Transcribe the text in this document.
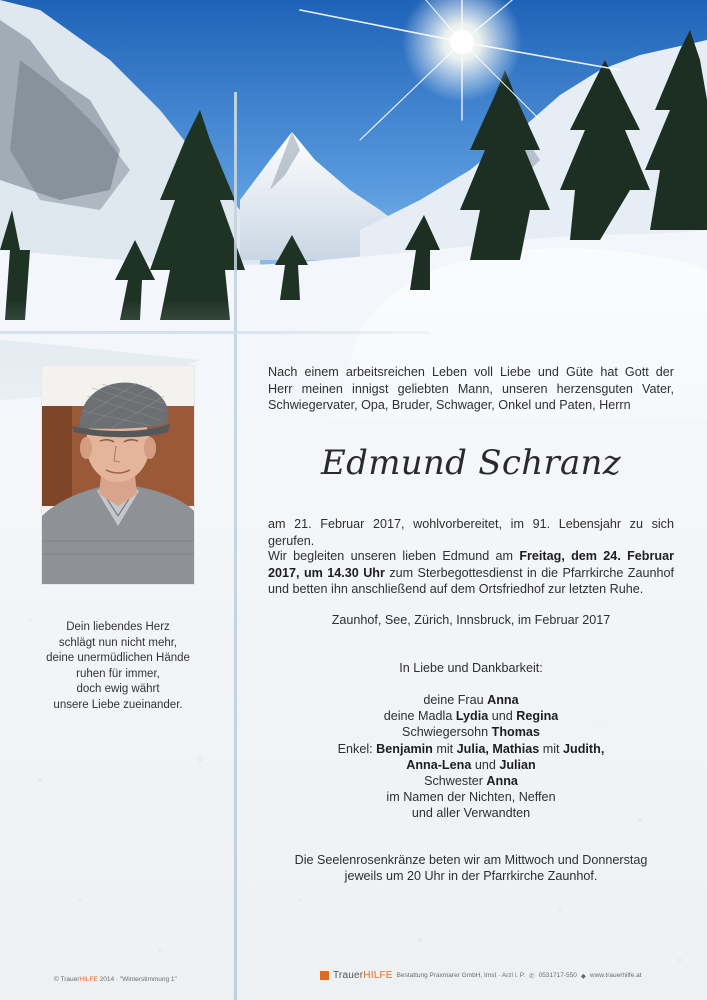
Dein liebendes Herz
schlägt nun nicht mehr,
deine unermüdlichen Hände
ruhen für immer,
doch ewig währt
unsere Liebe zueinander.
Nach einem arbeitsreichen Leben voll Liebe und Güte hat Gott der
Herr meinen innigst geliebten Mann, unseren herzensguten Vater,
Schwiegervater, Opa, Bruder, Schwager, Onkel und Paten, Herrn
Edmund Schranz
am 21. Februar 2017, wohlvorbereitet, im 91. Lebensjahr zu sich gerufen.
Wir begleiten unseren lieben Edmund am Freitag, dem 24. Februar
2017, um 14.30 Uhr zum Sterbegottesdienst in die Pfarrkirche Zaunhof
und betten ihn anschließend auf dem Ortsfriedhof zur letzten Ruhe.
Zaunhof, See, Zürich, Innsbruck, im Februar 2017
In Liebe und Dankbarkeit:
deine Frau Anna
deine Madla Lydia und Regina
Schwiegersohn Thomas
Enkel: Benjamin mit Julia, Mathias mit Judith,
Anna-Lena und Julian
Schwester Anna
im Namen der Nichten, Neffen
und aller Verwandten
Die Seelenrosenkränze beten wir am Mittwoch und Donnerstag
jeweils um 20 Uhr in der Pfarrkirche Zaunhof.
© TrauerHILFE 2014 · "Winterstimmung 1"	TrauerHILFE Bestattung Praxmarer GmbH, Imst · Arzl i. P. ✆ 0531717-550 ◆ www.trauerhilfe.at
